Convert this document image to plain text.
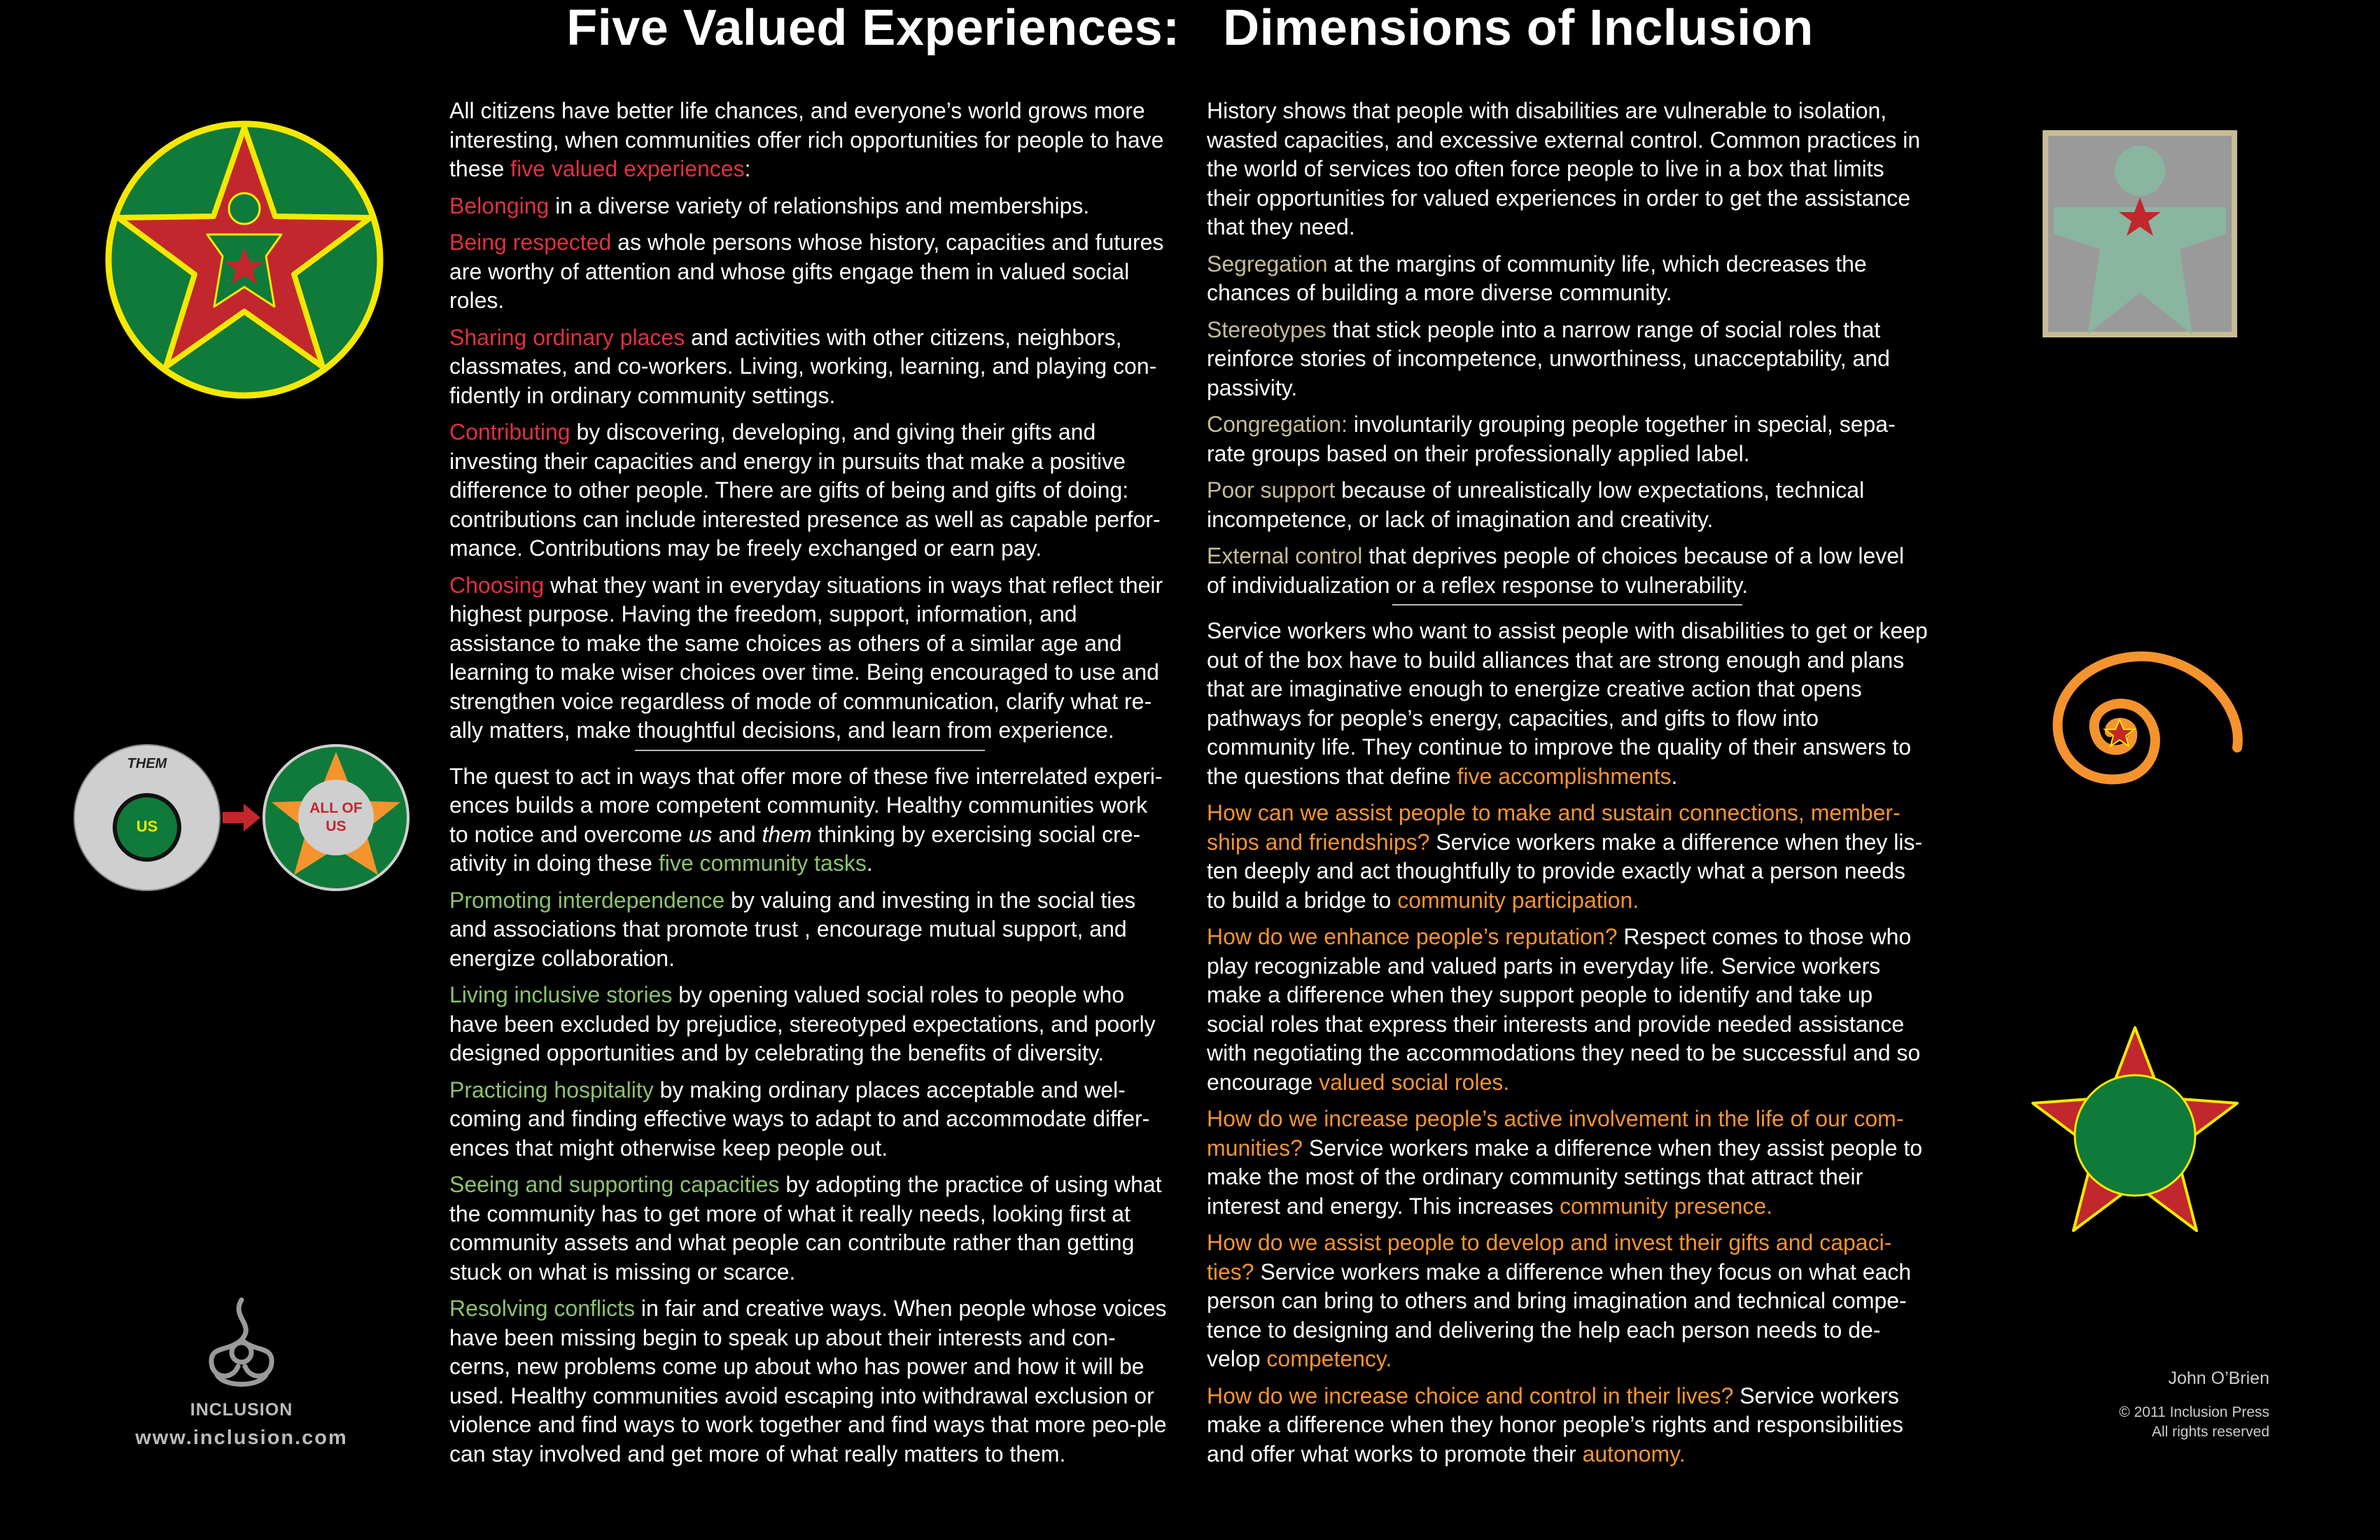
Five Valued Experiences:   Dimensions of Inclusion
THEM
US
ALL OF
US
INCLUSION
www.inclusion.com
John O’Brien
© 2011 Inclusion Press
All rights reserved

All citizens have better life chances, and everyone’s world grows more interesting, when communities offer rich opportunities for people to have these five valued experiences:

Belonging in a diverse variety of relationships and memberships.

Being respected as whole persons whose history, capacities and futures are worthy of attention and whose gifts engage them in valued social roles.

Sharing ordinary places and activities with other citizens, neighbors, classmates, and co-workers. Living, working, learning, and playing con-fidently in ordinary community settings.

Contributing by discovering, developing, and giving their gifts and investing their capacities and energy in pursuits that make a positive difference to other people. There are gifts of being and gifts of doing: contributions can include interested presence as well as capable perfor-mance. Contributions may be freely exchanged or earn pay.

Choosing what they want in everyday situations in ways that reflect their highest purpose. Having the freedom, support, information, and assistance to make the same choices as others of a similar age and learning to make wiser choices over time. Being encouraged to use and strengthen voice regardless of mode of communication, clarify what re-ally matters, make thoughtful decisions, and learn from experience.

The quest to act in ways that offer more of these five interrelated experi-ences builds a more competent community. Healthy communities work to notice and overcome us and them thinking by exercising social cre-ativity in doing these five community tasks.

Promoting interdependence by valuing and investing in the social ties and associations that promote trust , encourage mutual support, and energize collaboration.

Living inclusive stories by opening valued social roles to people who have been excluded by prejudice, stereotyped expectations, and poorly designed opportunities and by celebrating the benefits of diversity.

Practicing hospitality by making ordinary places acceptable and wel-coming and finding effective ways to adapt to and accommodate differ-ences that might otherwise keep people out.

Seeing and supporting capacities by adopting the practice of using what the community has to get more of what it really needs, looking first at community assets and what people can contribute rather than getting stuck on what is missing or scarce.

Resolving conflicts in fair and creative ways. When people whose voices have been missing begin to speak up about their interests and con-cerns, new problems come up about who has power and how it will be used. Healthy communities avoid escaping into withdrawal exclusion or violence and find ways to work together and find ways that more peo-ple can stay involved and get more of what really matters to them.

History shows that people with disabilities are vulnerable to isolation, wasted capacities, and excessive external control. Common practices in the world of services too often force people to live in a box that limits their opportunities for valued experiences in order to get the assistance that they need.

Segregation at the margins of community life, which decreases the chances of building a more diverse community.

Stereotypes that stick people into a narrow range of social roles that reinforce stories of incompetence, unworthiness, unacceptability, and passivity.

Congregation: involuntarily grouping people together in special, sepa-rate groups based on their professionally applied label.

Poor support because of unrealistically low expectations, technical incompetence, or lack of imagination and creativity.

External control that deprives people of choices because of a low level of individualization or a reflex response to vulnerability.

Service workers who want to assist people with disabilities to get or keep out of the box have to build alliances that are strong enough and plans that are imaginative enough to energize creative action that opens pathways for people’s energy, capacities, and gifts to flow into community life. They continue to improve the quality of their answers to the questions that define five accomplishments.

How can we assist people to make and sustain connections, member-ships and friendships? Service workers make a difference when they lis-ten deeply and act thoughtfully to provide exactly what a person needs to build a bridge to community participation.

How do we enhance people’s reputation? Respect comes to those who play recognizable and valued parts in everyday life. Service workers make a difference when they support people to identify and take up social roles that express their interests and provide needed assistance with negotiating the accommodations they need to be successful and so encourage valued social roles.

How do we increase people’s active involvement in the life of our com-munities? Service workers make a difference when they assist people to make the most of the ordinary community settings that attract their interest and energy. This increases community presence.

How do we assist people to develop and invest their gifts and capaci-ties? Service workers make a difference when they focus on what each person can bring to others and bring imagination and technical compe-tence to designing and delivering the help each person needs to de-velop competency.

How do we increase choice and control in their lives? Service workers make a difference when they honor people’s rights and responsibilities and offer what works to promote their autonomy.
